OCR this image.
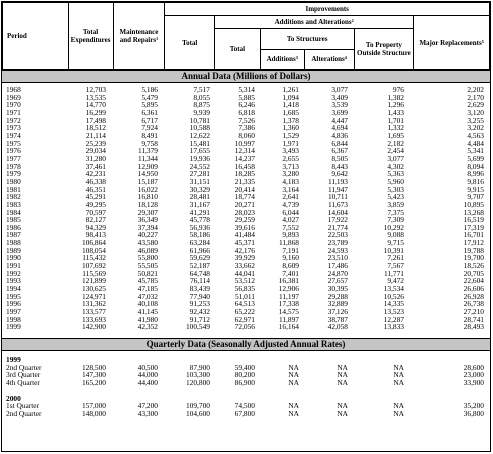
Period	Total Expenditures	Maintenance and Repairs¹	Improvements					
			Total	Additions and Alterations²				Major Replacements⁵
				Total	To Structures		To Property Outside Structure	
					Additions³	Alterations⁴		
Annual Data (Millions of Dollars)
1968	12,703	5,186	7,517	5,314	1,261	3,077	976	2,202
1969	13,535	5,479	8,055	5,885	1,094	3,409	1,382	2,170
1970	14,770	5,895	8,875	6,246	1,418	3,539	1,296	2,629
1971	16,299	6,361	9,939	6,818	1,685	3,699	1,433	3,120
1972	17,498	6,717	10,781	7,526	1,378	4,447	1,701	3,255
1973	18,512	7,924	10,588	7,386	1,360	4,694	1,332	3,202
1974	21,114	8,491	12,622	8,060	1,529	4,836	1,695	4,563
1975	25,239	9,758	15,481	10,997	1,971	6,844	2,182	4,484
1976	29,034	11,379	17,655	12,314	3,493	6,367	2,454	5,341
1977	31,280	11,344	19,936	14,237	2,655	8,505	3,077	5,699
1978	37,461	12,909	24,552	16,458	3,713	8,443	4,302	8,094
1979	42,231	14,950	27,281	18,285	3,280	9,642	5,363	8,996
1980	46,338	15,187	31,151	21,335	4,183	11,193	5,960	9,816
1981	46,351	16,022	30,329	20,414	3,164	11,947	5,303	9,915
1982	45,291	16,810	28,481	18,774	2,641	10,711	5,423	9,707
1983	49,295	18,128	31,167	20,271	4,739	11,673	3,859	10,895
1984	70,597	29,307	41,291	28,023	6,044	14,604	7,375	13,268
1985	82,127	36,349	45,778	29,259	4,027	17,922	7,309	16,519
1986	94,329	37,394	56,936	39,616	7,552	21,774	10,292	17,319
1987	98,413	40,227	58,186	41,484	9,893	22,503	9,088	16,701
1988	106,864	43,580	63,284	45,371	11,868	23,789	9,715	17,912
1989	108,054	46,089	61,966	42,176	7,191	24,593	10,391	19,788
1990	115,432	55,800	59,629	39,929	9,160	23,510	7,261	19,700
1991	107,692	55,505	52,187	33,662	8,609	17,486	7,567	18,526
1992	115,569	50,821	64,748	44,041	7,401	24,870	11,771	20,705
1993	121,899	45,785	76,114	53,512	16,381	27,657	9,472	22,604
1994	130,625	47,185	83,439	56,835	12,906	30,395	13,534	26,606
1995	124,971	47,032	77,940	51,011	11,197	29,288	10,526	26,928
1996	131,362	40,108	91,253	64,513	17,338	32,889	14,335	26,738
1997	133,577	41,145	92,432	65,222	14,575	37,126	13,523	27,210
1998	133,693	41,980	91,712	62,971	11,897	38,787	12,287	28,741
1999	142,900	42,352	100,549	72,056	16,164	42,058	13,833	28,493
Quarterly Data (Seasonally Adjusted Annual Rates)
1999								
2nd Quarter	128,500	40,500	87,900	59,400	NA	NA	NA	28,600
3rd Quarter	147,300	44,000	103,300	80,200	NA	NA	NA	23,000
4th Quarter	165,200	44,400	120,800	86,900	NA	NA	NA	33,900

2000								
1st Quarter	157,000	47,200	109,700	74,500	NA	NA	NA	35,200
2nd Quarter	148,000	43,300	104,600	67,800	NA	NA	NA	36,800
